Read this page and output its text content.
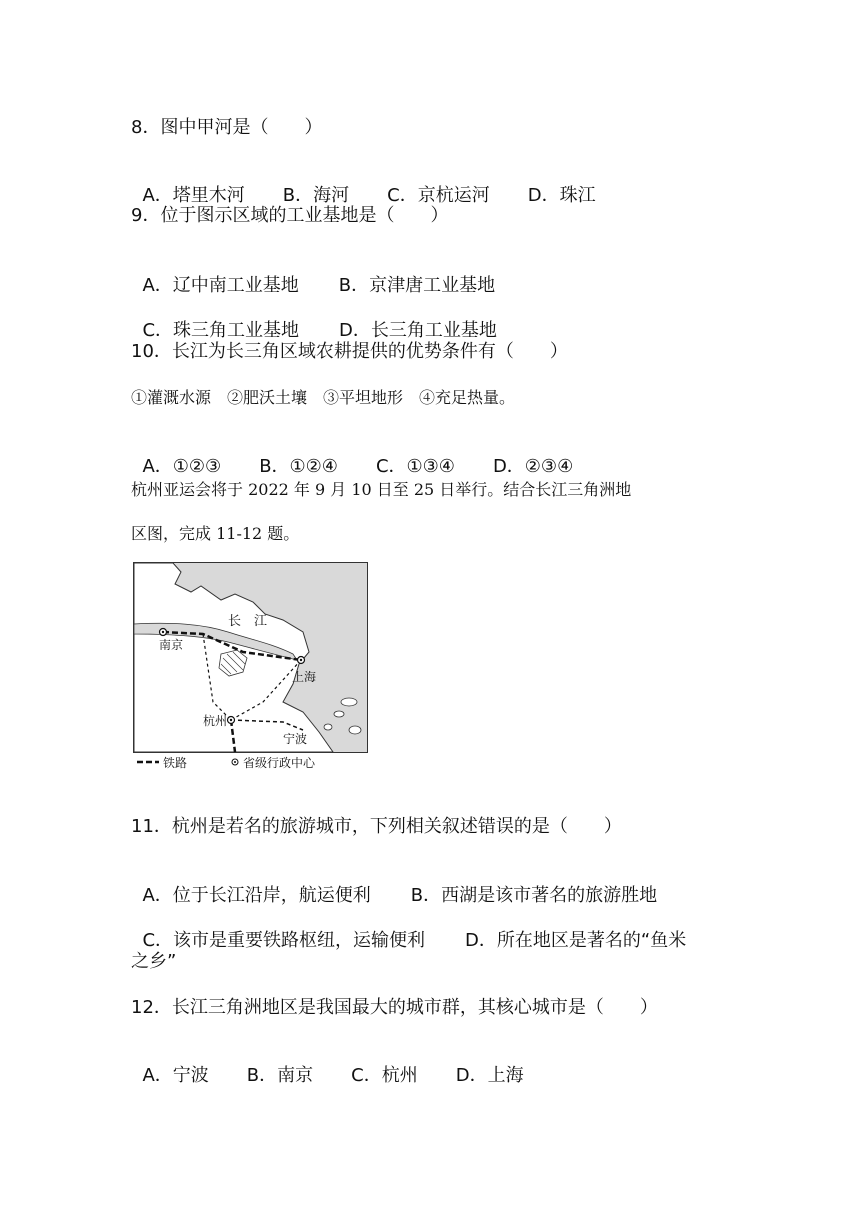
8．图中甲河是（　　）

A．塔里木河 B．海河 C．京杭运河 D．珠江

9．位于图示区域的工业基地是（　　）

A．辽中南工业基地 B．京津唐工业基地

C．珠三角工业基地 D．长三角工业基地

10．长江为长三角区域农耕提供的优势条件有（　　）
①灌溉水源　②肥沃土壤　③平坦地形　④充足热量。

A．①②③ B．①②④ C．①③④ D．②③④

杭州亚运会将于 2022 年 9 月 10 日至 25 日举行。结合长江三角洲地
区图，完成 11-12 题。
长　江
南京
上海
杭州
宁波
铁路	省级行政中心
11．杭州是若名的旅游城市，下列相关叙述错误的是（　　）

A．位于长江沿岸，航运便利 B．西湖是该市著名的旅游胜地

C．该市是重要铁路枢纽，运输便利 D．所在地区是著名的“鱼米

之乡”
12．长江三角洲地区是我国最大的城市群，其核心城市是（　　）

A．宁波 B．南京 C．杭州 D．上海
